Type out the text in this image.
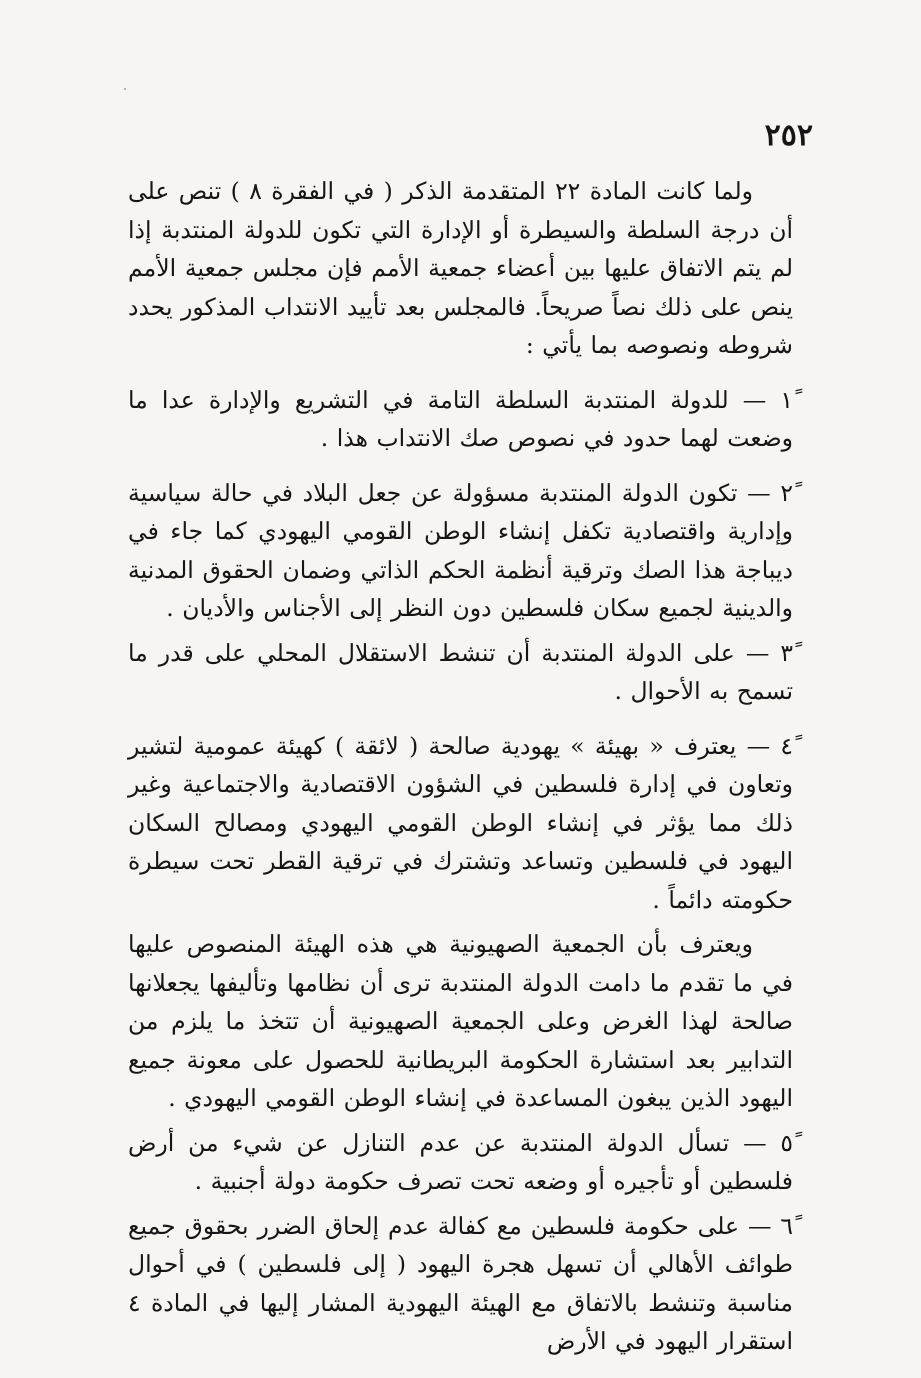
٢٥٢

ولما كانت المادة ٢٢ المتقدمة الذكر ( في الفقرة ٨ ) تنص على أن درجة السلطة والسيطرة أو الإدارة التي تكون للدولة المنتدبة إذا لم يتم الاتفاق عليها بين أعضاء جمعية الأمم فإن مجلس جمعية الأمم ينص على ذلك نصاً صريحاً. فالمجلس بعد تأييد الانتداب المذكور يحدد شروطه ونصوصه بما يأتي :

١ً — للدولة المنتدبة السلطة التامة في التشريع والإدارة عدا ما وضعت لهما حدود في نصوص صك الانتداب هذا .

٢ً — تكون الدولة المنتدبة مسؤولة عن جعل البلاد في حالة سياسية وإدارية واقتصادية تكفل إنشاء الوطن القومي اليهودي كما جاء في ديباجة هذا الصك وترقية أنظمة الحكم الذاتي وضمان الحقوق المدنية والدينية لجميع سكان فلسطين دون النظر إلى الأجناس والأديان .

٣ً — على الدولة المنتدبة أن تنشط الاستقلال المحلي على قدر ما تسمح به الأحوال .

٤ً — يعترف « بهيئة » يهودية صالحة ( لائقة ) كهيئة عمومية لتشير وتعاون في إدارة فلسطين في الشؤون الاقتصادية والاجتماعية وغير ذلك مما يؤثر في إنشاء الوطن القومي اليهودي ومصالح السكان اليهود في فلسطين وتساعد وتشترك في ترقية القطر تحت سيطرة حكومته دائماً .

ويعترف بأن الجمعية الصهيونية هي هذه الهيئة المنصوص عليها في ما تقدم ما دامت الدولة المنتدبة ترى أن نظامها وتأليفها يجعلانها صالحة لهذا الغرض وعلى الجمعية الصهيونية أن تتخذ ما يلزم من التدابير بعد استشارة الحكومة البريطانية للحصول على معونة جميع اليهود الذين يبغون المساعدة في إنشاء الوطن القومي اليهودي .

٥ً — تسأل الدولة المنتدبة عن عدم التنازل عن شيء من أرض فلسطين أو تأجيره أو وضعه تحت تصرف حكومة دولة أجنبية .

٦ً — على حكومة فلسطين مع كفالة عدم إلحاق الضرر بحقوق جميع طوائف الأهالي أن تسهل هجرة اليهود ( إلى فلسطين ) في أحوال مناسبة وتنشط بالاتفاق مع الهيئة اليهودية المشار إليها في المادة ٤ استقرار اليهود في الأرض
